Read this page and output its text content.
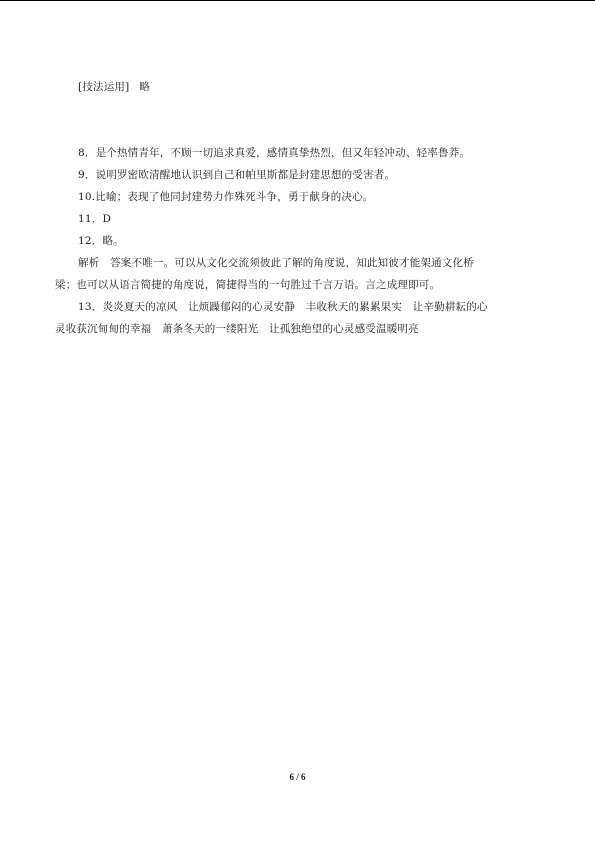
[技法运用] 略
8．是个热情青年，不顾一切追求真爱，感情真挚热烈，但又年轻冲动、轻率鲁莽。
9．说明罗密欧清醒地认识到自己和帕里斯都是封建思想的受害者。
10.比喻；表现了他同封建势力作殊死斗争，勇于献身的决心。
11．D
12．略。
解析　答案不唯一。可以从文化交流须彼此了解的角度说，知此知彼才能架通文化桥
梁；也可以从语言简捷的角度说，简捷得当的一句胜过千言万语。言之成理即可。
13．炎炎夏天的凉风　让烦躁郁闷的心灵安静　丰收秋天的累累果实　让辛勤耕耘的心
灵收获沉甸甸的幸福　萧条冬天的一缕阳光　让孤独绝望的心灵感受温暖明亮
6 / 6
